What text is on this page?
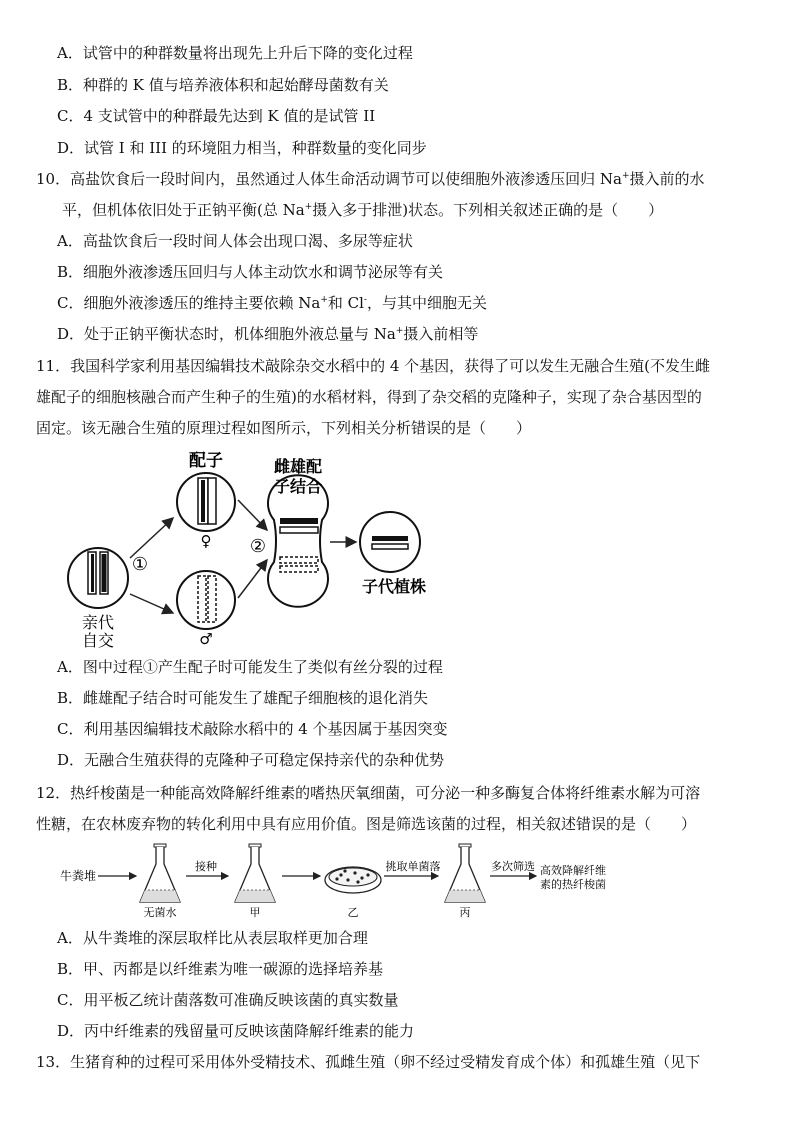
A．试管中的种群数量将出现先上升后下降的变化过程
B．种群的 K 值与培养液体积和起始酵母菌数有关
C．4 支试管中的种群最先达到 K 值的是试管 II
D．试管 I 和 III 的环境阻力相当，种群数量的变化同步
10．高盐饮食后一段时间内，虽然通过人体生命活动调节可以使细胞外液渗透压回归 Na+摄入前的水
平，但机体依旧处于正钠平衡(总 Na+摄入多于排泄)状态。下列相关叙述正确的是（　　）
A．高盐饮食后一段时间人体会出现口渴、多尿等症状
B．细胞外液渗透压回归与人体主动饮水和调节泌尿等有关
C．细胞外液渗透压的维持主要依赖 Na+和 Cl-，与其中细胞无关
D．处于正钠平衡状态时，机体细胞外液总量与 Na+摄入前相等
11．我国科学家利用基因编辑技术敲除杂交水稻中的 4 个基因，获得了可以发生无融合生殖(不发生雌
雄配子的细胞核融合而产生种子的生殖)的水稻材料，得到了杂交稻的克隆种子，实现了杂合基因型的
固定。该无融合生殖的原理过程如图所示，下列相关分析错误的是（　　）
配子	雌雄配
子结合
亲代
自交
子代植株
①
②
♀
♂
A．图中过程①产生配子时可能发生了类似有丝分裂的过程
B．雌雄配子结合时可能发生了雄配子细胞核的退化消失
C．利用基因编辑技术敲除水稻中的 4 个基因属于基因突变
D．无融合生殖获得的克隆种子可稳定保持亲代的杂种优势
12．热纤梭菌是一种能高效降解纤维素的嗜热厌氧细菌，可分泌一种多酶复合体将纤维素水解为可溶
性糖，在农林废弃物的转化利用中具有应用价值。图是筛选该菌的过程，相关叙述错误的是（　　）
牛粪堆
无菌水
接种
甲	乙
挑取单菌落
丙
多次筛选 高效降解纤维
素的热纤梭菌
A．从牛粪堆的深层取样比从表层取样更加合理
B．甲、丙都是以纤维素为唯一碳源的选择培养基
C．用平板乙统计菌落数可准确反映该菌的真实数量
D．丙中纤维素的残留量可反映该菌降解纤维素的能力
13．生猪育种的过程可采用体外受精技术、孤雌生殖（卵不经过受精发育成个体）和孤雄生殖（见下
